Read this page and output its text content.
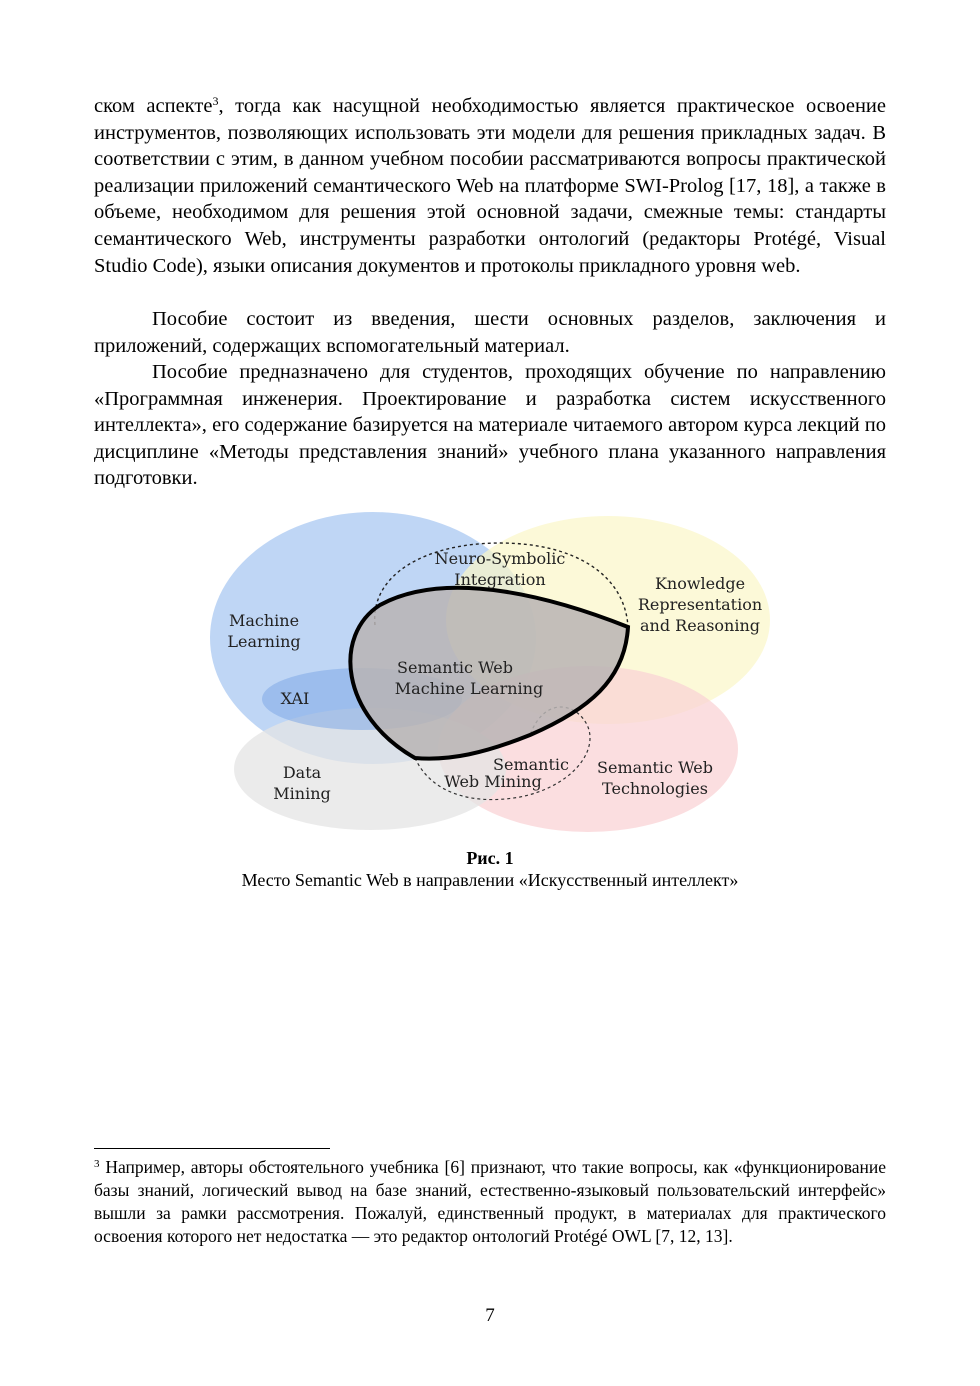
ском аспекте$^3$, тогда как насущной необходимостью является практическое освоение инструментов, позволяющих использовать эти модели для решения прикладных задач. В соответствии с этим, в данном учебном пособии рассматриваются вопросы практической реализации приложений семантического Web на платформе SWI-Prolog [17, 18], а также в объеме, необходимом для решения этой основной задачи, смежные темы: стандарты семантического Web, инструменты разработки онтологий (редакторы Protégé, Visual Studio Code), языки описания документов и протоколы прикладного уровня web.

Пособие состоит из введения, шести основных разделов, заключения и приложений, содержащих вспомогательный материал.

Пособие предназначено для студентов, проходящих обучение по направлению «Программная инженерия. Проектирование и разработка систем искусственного интеллекта», его содержание базируется на материале читаемого автором курса лекций по дисциплине «Методы представления знаний» учебного плана указанного направления подготовки.

Machine
Learning
Neuro-Symbolic
Integration	Knowledge
Representation
and Reasoning
Semantic Web
Machine Learning
XAI
Data
Mining
Semantic
Web Mining
Semantic Web
Technologies
Рис. 1
Место Semantic Web в направлении «Искусственный интеллект»

$^3$ Например, авторы обстоятельного учебника [6] признают, что такие вопросы, как «функционирование базы знаний, логический вывод на базе знаний, естественно-языковый пользовательский интерфейс» вышли за рамки рассмотрения. Пожалуй, единственный продукт, в материалах для практического освоения которого нет недостатка — это редактор онтологий Protégé OWL [7, 12, 13].

7
